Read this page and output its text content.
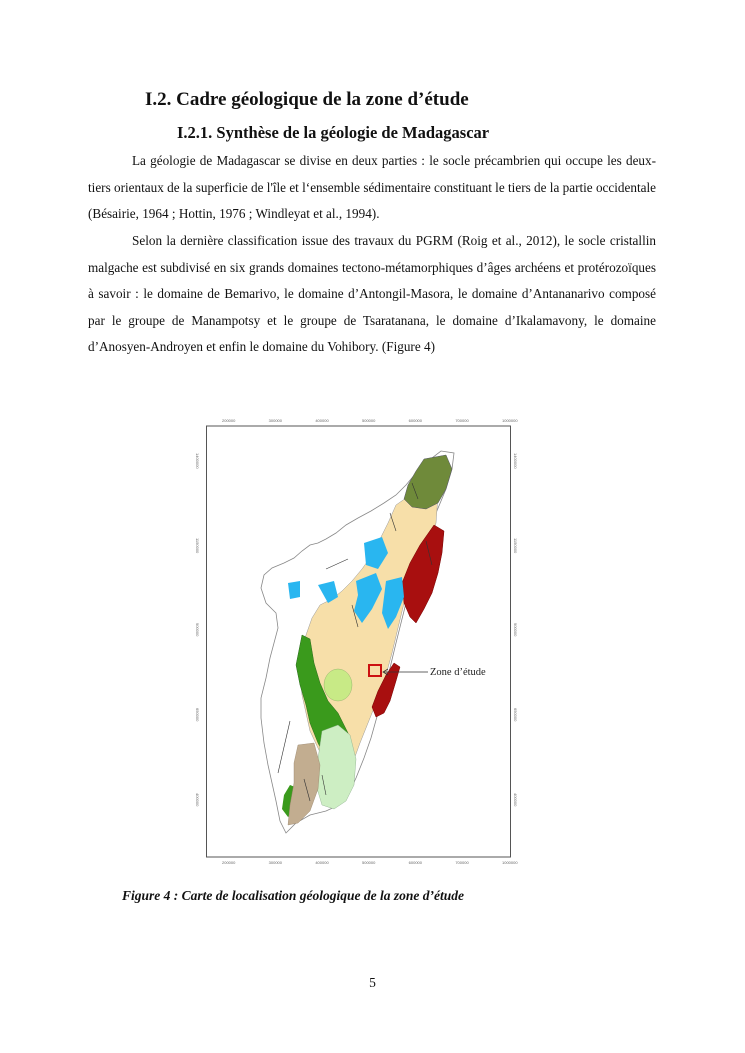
I.2. Cadre géologique de la zone d’étude
I.2.1. Synthèse de la géologie de Madagascar

La géologie de Madagascar se divise en deux parties : le socle précambrien qui occupe les deux-tiers orientaux de la superficie de l'île et l‘ensemble sédimentaire constituant le tiers de la partie occidentale (Bésairie, 1964 ; Hottin, 1976 ; Windleyat et al., 1994).

Selon la dernière classification issue des travaux du PGRM (Roig et al., 2012), le socle cristallin malgache est subdivisé en six grands domaines tectono-métamorphiques d’âges archéens et protérozoïques à savoir : le domaine de Bemarivo, le domaine d’Antongil-Masora, le domaine d’Antananarivo composé par le groupe de Manampotsy et le groupe de Tsaratanana, le domaine d’Ikalamavony, le domaine d’Anosyen-Androyen et enfin le domaine du Vohibory. (Figure 4)

200000	300000	400000	500000	600000	700000	1000000
200000	300000	400000	500000	600000	700000	1000000
1400000
1150000
900000
650000
400000
1400000
1150000
900000
650000
400000
Zone d’étude

Figure 4 : Carte de localisation géologique de la zone d’étude

5
